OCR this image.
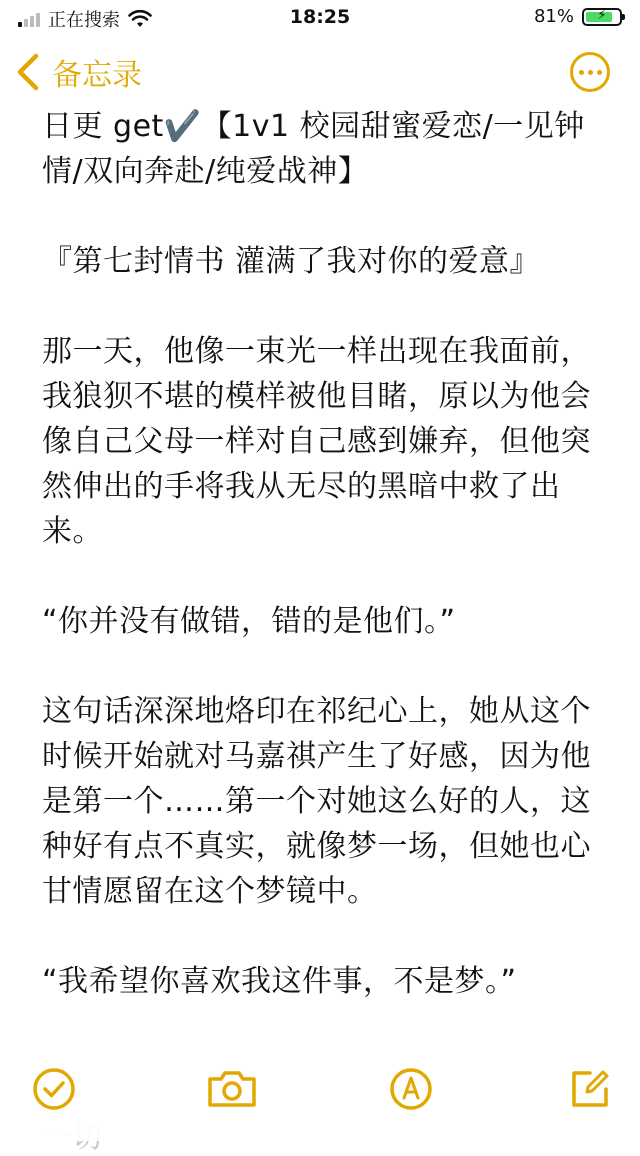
正在搜索	18:25	81%	⚡
备忘录

日更 get✔️【1v1 校园甜蜜爱恋/一见钟情/双向奔赴/纯爱战神】

『第七封情书 灌满了我对你的爱意』

那一天，他像一束光一样出现在我面前，我狼狈不堪的模样被他目睹，原以为他会像自己父母一样对自己感到嫌弃，但他突然伸出的手将我从无尽的黑暗中救了出来。

“你并没有做错，错的是他们。”

这句话深深地烙印在祁纪心上，她从这个时候开始就对马嘉祺产生了好感，因为他是第一个……第一个对她这么好的人，这种好有点不真实，就像梦一场，但她也心甘情愿留在这个梦镜中。

“我希望你喜欢我这件事，不是梦。”
